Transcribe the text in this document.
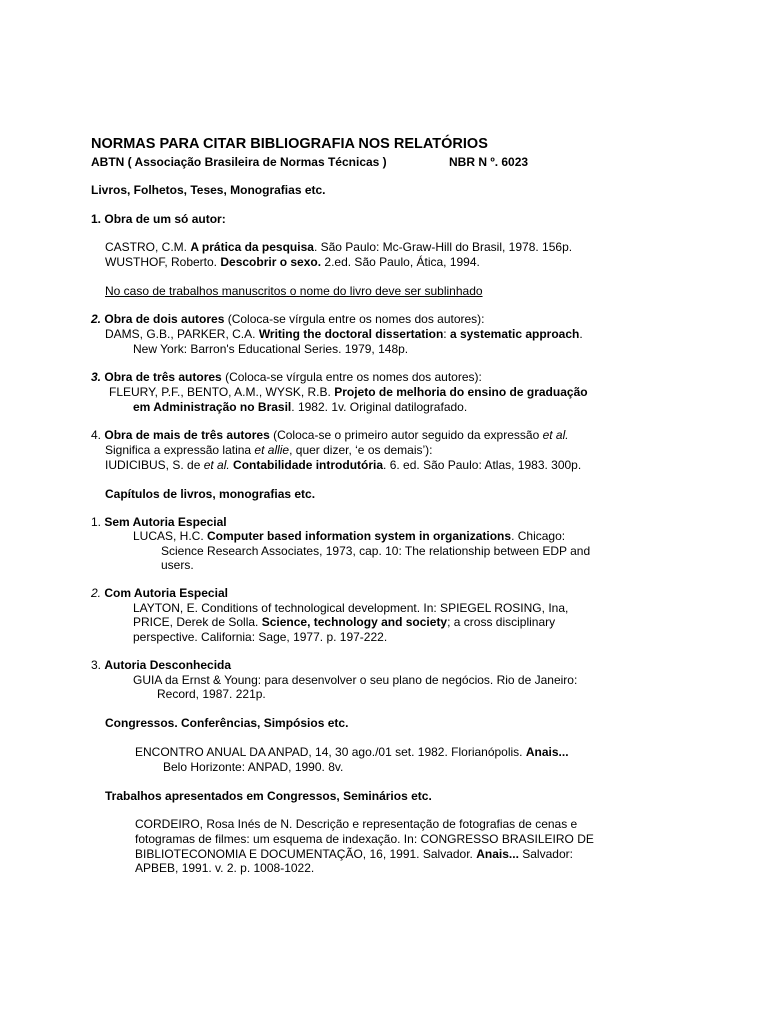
NORMAS PARA CITAR BIBLIOGRAFIA NOS RELATÓRIOS
ABTN ( Associação Brasileira de Normas Técnicas )	NBR N º. 6023
Livros, Folhetos, Teses, Monografias etc.
1. Obra de um só autor:
CASTRO, C.M. A prática da pesquisa. São Paulo: Mc-Graw-Hill do Brasil, 1978. 156p.
WUSTHOF, Roberto. Descobrir o sexo. 2.ed. São Paulo, Ática, 1994.
No caso de trabalhos manuscritos o nome do livro deve ser sublinhado
2. Obra de dois autores (Coloca-se vírgula entre os nomes dos autores):
DAMS, G.B., PARKER, C.A. Writing the doctoral dissertation: a systematic approach.
New York: Barron's Educational Series. 1979, 148p.
3. Obra de três autores (Coloca-se vírgula entre os nomes dos autores):
FLEURY, P.F., BENTO, A.M., WYSK, R.B. Projeto de melhoria do ensino de graduação
em Administração no Brasil. 1982. 1v. Original datilografado.
4. Obra de mais de três autores (Coloca-se o primeiro autor seguido da expressão et al.
Significa a expressão latina et allie, quer dizer, ‘e os demais’):
IUDICIBUS, S. de et al. Contabilidade introdutória. 6. ed. São Paulo: Atlas, 1983. 300p.
Capítulos de livros, monografias etc.
1. Sem Autoria Especial
LUCAS, H.C. Computer based information system in organizations. Chicago:
Science Research Associates, 1973, cap. 10: The relationship between EDP and
users.
2. Com Autoria Especial
LAYTON, E. Conditions of technological development. In: SPIEGEL ROSING, Ina,
PRICE, Derek de Solla. Science, technology and society; a cross disciplinary
perspective. California: Sage, 1977. p. 197-222.
3. Autoria Desconhecida
GUIA da Ernst & Young: para desenvolver o seu plano de negócios. Rio de Janeiro:
Record, 1987. 221p.
Congressos. Conferências, Simpósios etc.
ENCONTRO ANUAL DA ANPAD, 14, 30 ago./01 set. 1982. Florianópolis. Anais...
Belo Horizonte: ANPAD, 1990. 8v.
Trabalhos apresentados em Congressos, Seminários etc.
CORDEIRO, Rosa Inés de N. Descrição e representação de fotografias de cenas e
fotogramas de filmes: um esquema de indexação. In: CONGRESSO BRASILEIRO DE
BIBLIOTECONOMIA E DOCUMENTAÇÃO, 16, 1991. Salvador. Anais... Salvador:
APBEB, 1991. v. 2. p. 1008-1022.
